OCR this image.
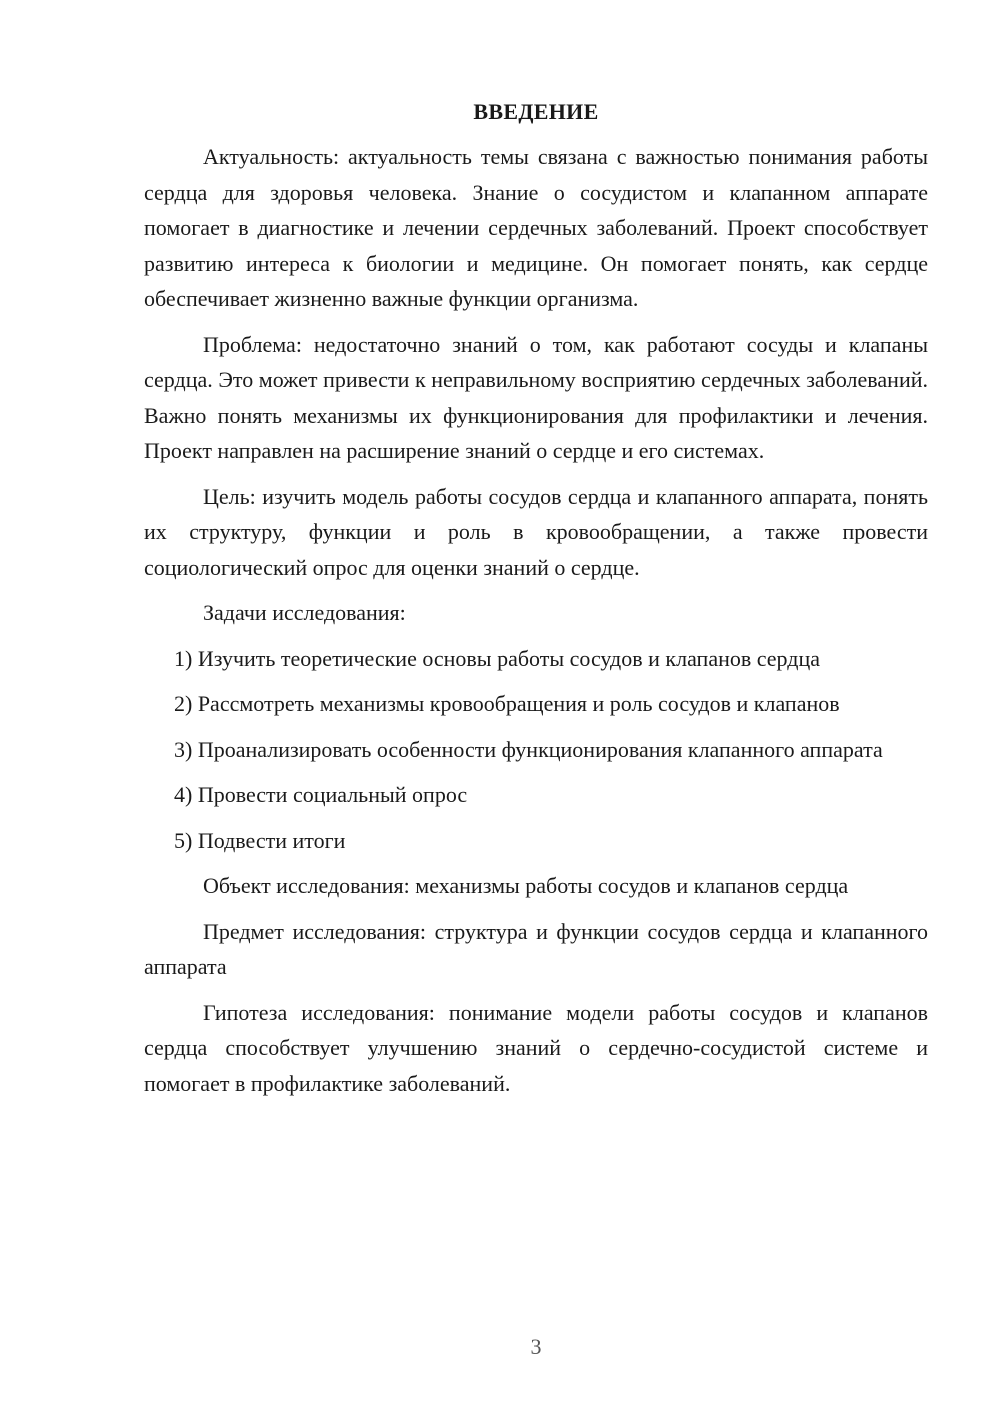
ВВЕДЕНИЕ

Актуальность: актуальность темы связана с важностью понимания работы сердца для здоровья человека. Знание о сосудистом и клапанном аппарате помогает в диагностике и лечении сердечных заболеваний. Проект способствует развитию интереса к биологии и медицине. Он помогает понять, как сердце обеспечивает жизненно важные функции организма.

Проблема: недостаточно знаний о том, как работают сосуды и клапаны сердца. Это может привести к неправильному восприятию сердечных заболеваний. Важно понять механизмы их функционирования для профилактики и лечения. Проект направлен на расширение знаний о сердце и его системах.

Цель: изучить модель работы сосудов сердца и клапанного аппарата, понять их структуру, функции и роль в кровообращении, а также провести социологический опрос для оценки знаний о сердце.

Задачи исследования:

1) Изучить теоретические основы работы сосудов и клапанов сердца

2) Рассмотреть механизмы кровообращения и роль сосудов и клапанов

3) Проанализировать особенности функционирования клапанного аппарата

4) Провести социальный опрос

5) Подвести итоги

Объект исследования: механизмы работы сосудов и клапанов сердца

Предмет исследования: структура и функции сосудов сердца и клапанного аппарата

Гипотеза исследования: понимание модели работы сосудов и клапанов сердца способствует улучшению знаний о сердечно-сосудистой системе и помогает в профилактике заболеваний.

3
